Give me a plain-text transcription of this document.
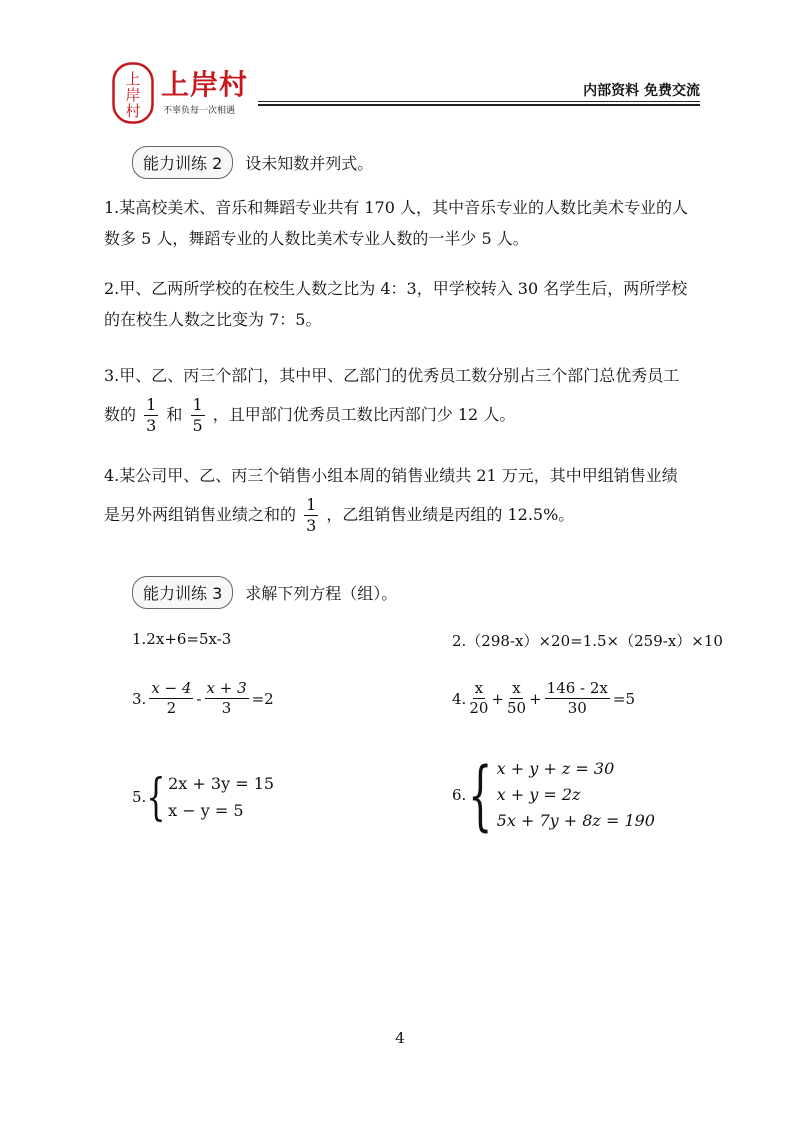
上
岸
村
上岸村
不辜负每一次相遇
内部资料 免费交流
能力训练 2	设未知数并列式。
1.某高校美术、音乐和舞蹈专业共有 170 人，其中音乐专业的人数比美术专业的人
数多 5 人，舞蹈专业的人数比美术专业人数的一半少 5 人。
2.甲、乙两所学校的在校生人数之比为 4：3，甲学校转入 30 名学生后，两所学校
的在校生人数之比变为 7：5。
3.甲、乙、丙三个部门，其中甲、乙部门的优秀员工数分别占三个部门总优秀员工
数的 $\frac{1}{3}$ 和 $\frac{1}{5}$ ，且甲部门优秀员工数比丙部门少 12 人。
4.某公司甲、乙、丙三个销售小组本周的销售业绩共 21 万元，其中甲组销售业绩
是另外两组销售业绩之和的 $\frac{1}{3}$ ，乙组销售业绩是丙组的 12.5%。
能力训练 3	求解下列方程（组）。
1.2x+6=5x-3	2.（298-x）×20=1.5×（259-x）×10
3. $\frac{x - 4}{2} - \frac{x + 3}{3} =2$	4. $\frac{x}{20} + \frac{x}{50} + \frac{146 - 2x}{30} =5$
5. { 2x + 3y = 15
x − y = 5
6. { x + y + z = 30
x + y = 2z
5x + 7y + 8z = 190
4
